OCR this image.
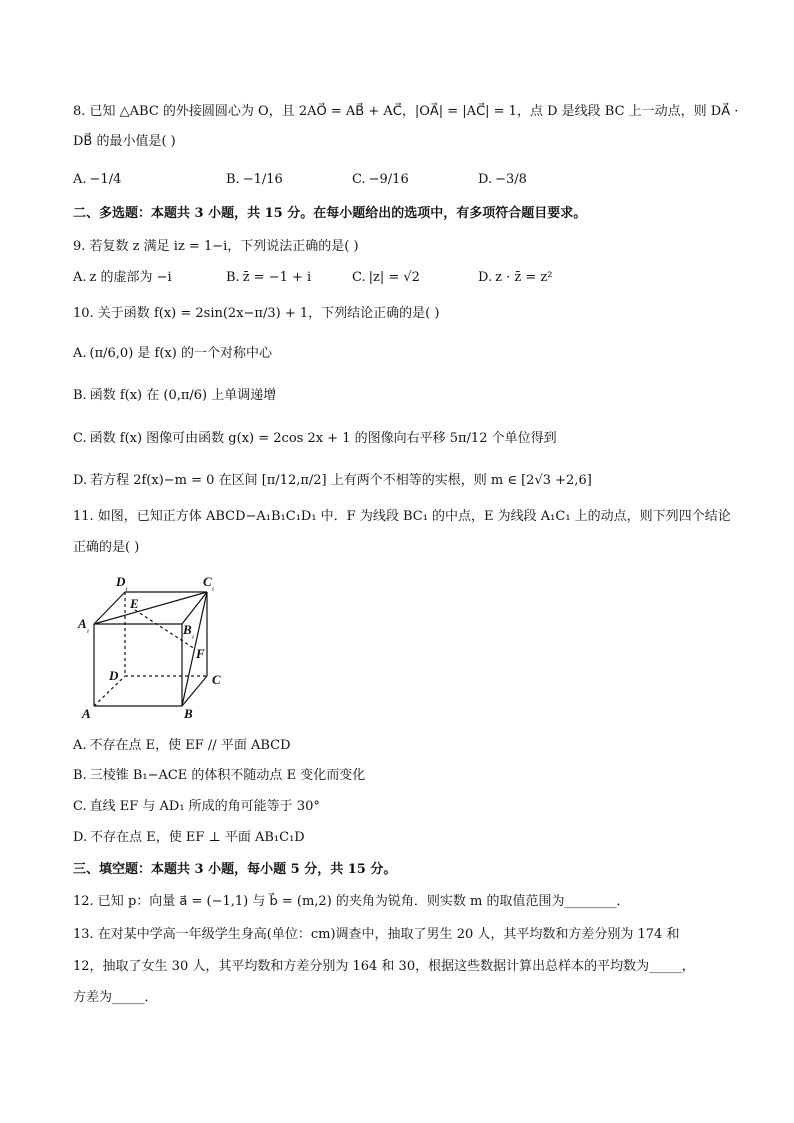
8. 已知 △ABC 的外接圆圆心为 O，且 2AO⃗ = AB⃗ + AC⃗，|OA⃗| = |AC⃗| = 1，点 D 是线段 BC 上一动点，则 DA⃗ ·
DB⃗ 的最小值是( )
A. −1/4	B. −1/16	C. −9/16	D. −3/8
二、多选题：本题共 3 小题，共 15 分。在每小题给出的选项中，有多项符合题目要求。
9. 若复数 z 满足 iz = 1−i，下列说法正确的是( )
A. z 的虚部为 −i	B. z̄ = −1 + i	C. |z| = √2	D. z · z̄ = z²
10. 关于函数 f(x) = 2sin(2x−π/3) + 1，下列结论正确的是( )
A. (π/6,0) 是 f(x) 的一个对称中心
B. 函数 f(x) 在 (0,π/6) 上单调递增
C. 函数 f(x) 图像可由函数 g(x) = 2cos 2x + 1 的图像向右平移 5π/12 个单位得到
D. 若方程 2f(x)−m = 0 在区间 [π/12,π/2] 上有两个不相等的实根，则 m ∈ [2√3 +2,6]
11. 如图，已知正方体 ABCD−A₁B₁C₁D₁ 中．F 为线段 BC₁ 的中点，E 为线段 A₁C₁ 上的动点，则下列四个结论
正确的是( )
$D_{_1}$	$C_{_1}$
$A_{_1}$	$B_{_1}$
E
F
D	C
A	B
A. 不存在点 E，使 EF // 平面 ABCD
B. 三棱锥 B₁−ACE 的体积不随动点 E 变化而变化
C. 直线 EF 与 AD₁ 所成的角可能等于 30°
D. 不存在点 E，使 EF ⊥ 平面 AB₁C₁D
三、填空题：本题共 3 小题，每小题 5 分，共 15 分。
12. 已知 p：向量 a⃗ = (−1,1) 与 b⃗ = (m,2) 的夹角为锐角．则实数 m 的取值范围为________．
13. 在对某中学高一年级学生身高(单位：cm)调查中，抽取了男生 20 人，其平均数和方差分别为 174 和
12，抽取了女生 30 人，其平均数和方差分别为 164 和 30，根据这些数据计算出总样本的平均数为_____，
方差为_____．
